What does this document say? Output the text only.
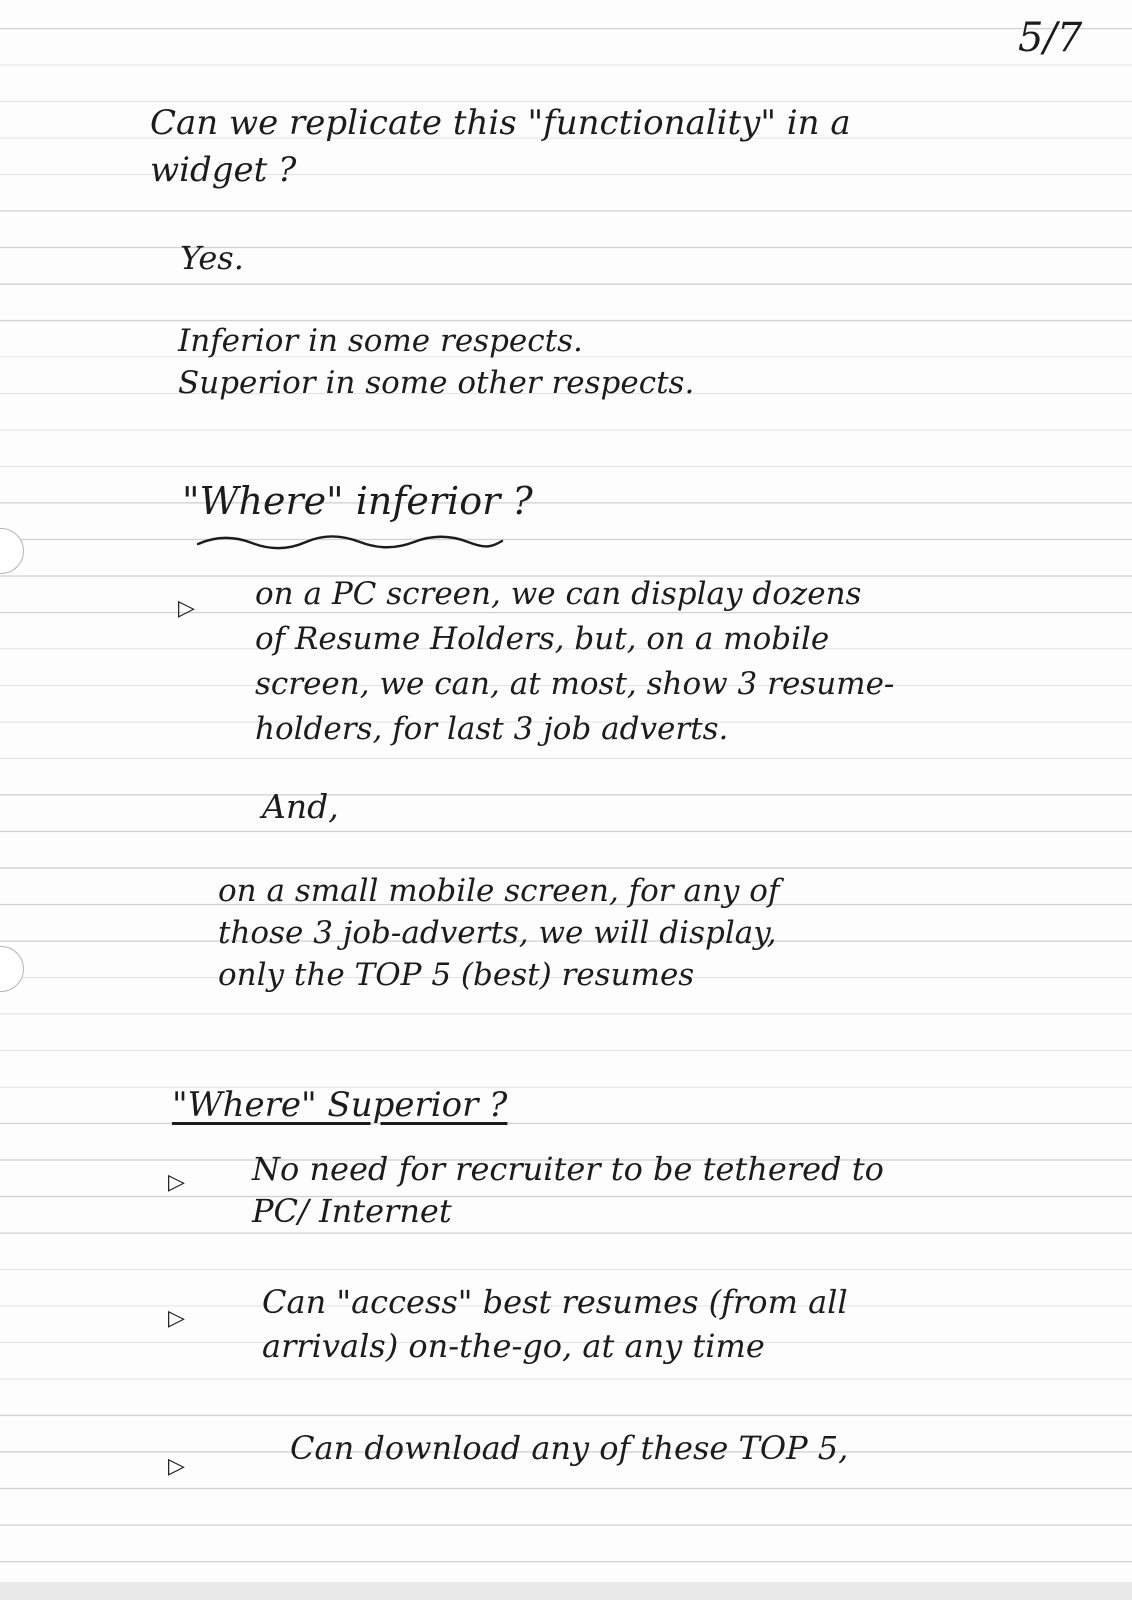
5/7
Can we replicate this "functionality" in a
widget ?
Yes.
Inferior in some respects.
Superior in some other respects.
"Where" inferior ?
▷ on a PC screen, we can display dozens
of Resume Holders, but, on a mobile
screen, we can, at most, show 3 resume-
holders, for last 3 job adverts.
And,
on a small mobile screen, for any of
those 3 job-adverts, we will display,
only the TOP 5 (best) resumes
"Where" Superior ?
▷ No need for recruiter to be tethered to
PC/ Internet
▷ Can "access" best resumes (from all
arrivals) on-the-go, at any time
▷	Can download any of these TOP 5,
